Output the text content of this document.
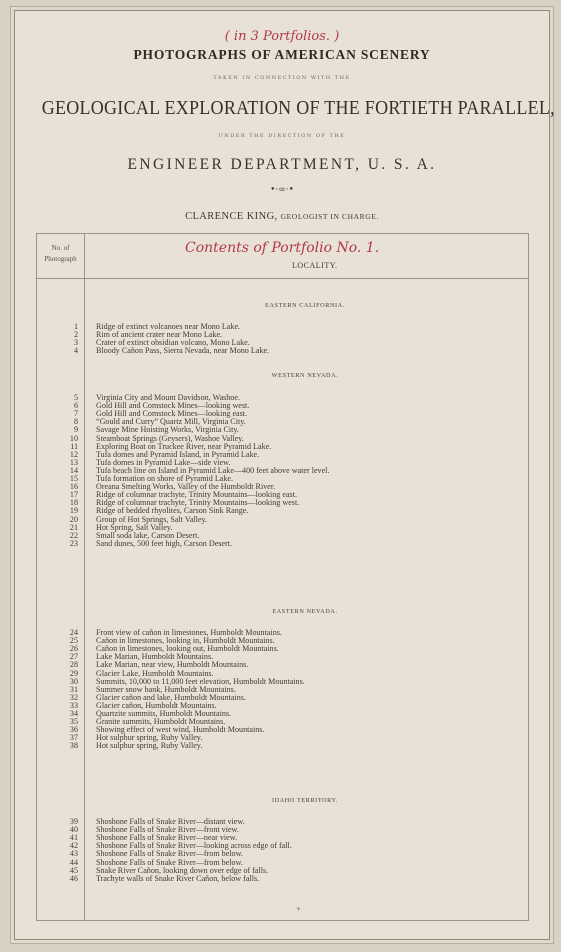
( in 3 Portfolios. )
PHOTOGRAPHS OF AMERICAN SCENERY
TAKEN IN CONNECTION WITH THE
GEOLOGICAL EXPLORATION OF THE FORTIETH PARALLEL,
UNDER THE DIRECTION OF THE
ENGINEER DEPARTMENT, U. S. A.
•·∞·•
CLARENCE KING, GEOLOGIST IN CHARGE.
No. of
Photograph
Contents of Portfolio No. 1.
LOCALITY.
EASTERN CALIFORNIA.
1 Ridge of extinct volcanoes near Mono Lake.
2 Rim of ancient crater near Mono Lake.
3 Crater of extinct obsidian volcano, Mono Lake.
4 Bloody Cañon Pass, Sierra Nevada, near Mono Lake.
WESTERN NEVADA.
5 Virginia City and Mount Davidson, Washoe.
6 Gold Hill and Comstock Mines—looking west.
7 Gold Hill and Comstock Mines—looking east.
8 “Gould and Curry” Quartz Mill, Virginia City.
9 Savage Mine Hoisting Works, Virginia City.
10 Steamboat Springs (Geysers), Washoe Valley.
11 Exploring Boat on Truckee River, near Pyramid Lake.
12 Tufa domes and Pyramid Island, in Pyramid Lake.
13 Tufa domes in Pyramid Lake—side view.
14 Tufa beach line on Island in Pyramid Lake—400 feet above water level.
15 Tufa formation on shore of Pyramid Lake.
16 Oreana Smelting Works, Valley of the Humboldt River.
17 Ridge of columnar trachyte, Trinity Mountains—looking east.
18 Ridge of columnar trachyte, Trinity Mountains—looking west.
19 Ridge of bedded rhyolites, Carson Sink Range.
20 Group of Hot Springs, Salt Valley.
21 Hot Spring, Salt Valley.
22 Small soda lake, Carson Desert.
23 Sand dunes, 500 feet high, Carson Desert.
EASTERN NEVADA.
24 Front view of cañon in limestones, Humboldt Mountains.
25 Cañon in limestones, looking in, Humboldt Mountains.
26 Cañon in limestones, looking out, Humboldt Mountains.
27 Lake Marian, Humboldt Mountains.
28 Lake Marian, near view, Humboldt Mountains.
29 Glacier Lake, Humboldt Mountains.
30 Summits, 10,000 to 11,000 feet elevation, Humboldt Mountains.
31 Summer snow bank, Humboldt Mountains.
32 Glacier cañon and lake, Humboldt Mountains.
33 Glacier cañon, Humboldt Mountains.
34 Quartzite summits, Humboldt Mountains.
35 Granite summits, Humboldt Mountains.
36 Showing effect of west wind, Humboldt Mountains.
37 Hot sulphur spring, Ruby Valley.
38 Hot sulphur spring, Ruby Valley.
IDAHO TERRITORY.
39 Shoshone Falls of Snake River—distant view.
40 Shoshone Falls of Snake River—front view.
41 Shoshone Falls of Snake River—near view.
42 Shoshone Falls of Snake River—looking across edge of fall.
43 Shoshone Falls of Snake River—from below.
44 Shoshone Falls of Snake River—from below.
45 Snake River Cañon, looking down over edge of falls.
46 Trachyte walls of Snake River Cañon, below falls.
+
